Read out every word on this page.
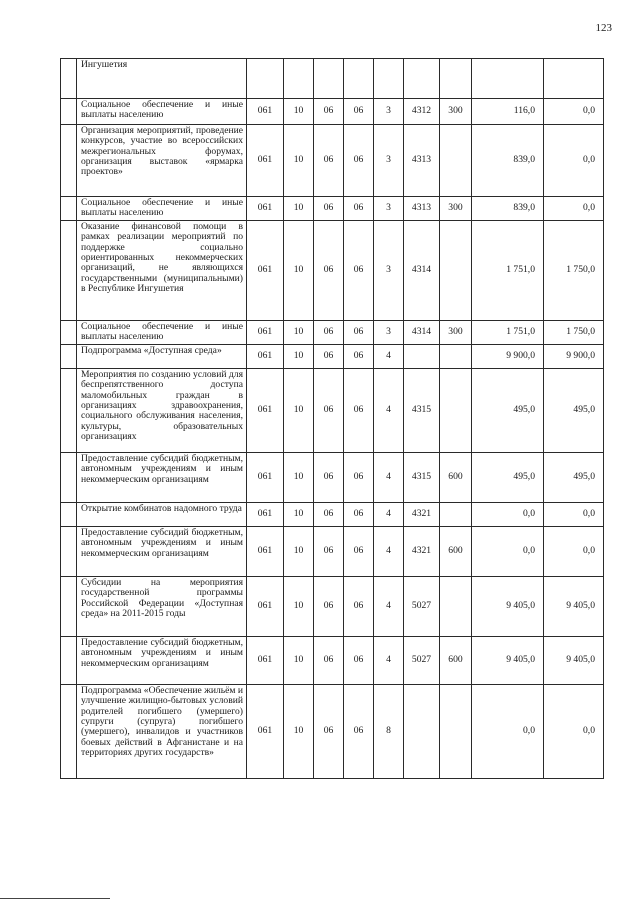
123
	Ингушетия									
	Социальное обеспечение и иные выплаты населению	061	10	06	06	3	4312	300	116,0	0,0
	Организация мероприятий, проведение конкурсов, участие во всероссийских межрегиональных форумах, организация выставок «ярмарка проектов»	061	10	06	06	3	4313		839,0	0,0
	Социальное обеспечение и иные выплаты населению	061	10	06	06	3	4313	300	839,0	0,0
	Оказание финансовой помощи в рамках реализации мероприятий по поддержке социально ориентированных некоммерческих организаций, не являющихся государственными (муниципальными) в Республике Ингушетия	061	10	06	06	3	4314		1 751,0	1 750,0
	Социальное обеспечение и иные выплаты населению	061	10	06	06	3	4314	300	1 751,0	1 750,0
	Подпрограмма «Доступная среда»	061	10	06	06	4			9 900,0	9 900,0
	Мероприятия по созданию условий для беспрепятственного доступа маломобильных граждан в организациях здравоохранения, социального обслуживания населения, культуры, образовательных организациях	061	10	06	06	4	4315		495,0	495,0
	Предоставление субсидий бюджетным, автономным учреждениям и иным некоммерческим организациям	061	10	06	06	4	4315	600	495,0	495,0
	Открытие комбинатов надомного труда	061	10	06	06	4	4321		0,0	0,0
	Предоставление субсидий бюджетным, автономным учреждениям и иным некоммерческим организациям	061	10	06	06	4	4321	600	0,0	0,0
	Субсидии на мероприятия государственной программы Российской Федерации «Доступная среда» на 2011-2015 годы	061	10	06	06	4	5027		9 405,0	9 405,0
	Предоставление субсидий бюджетным, автономным учреждениям и иным некоммерческим организациям	061	10	06	06	4	5027	600	9 405,0	9 405,0
	Подпрограмма «Обеспечение жильём и улучшение жилищно-бытовых условий родителей погибшего (умершего) супруги (супруга) погибшего (умершего), инвалидов и участников боевых действий в Афганистане и на территориях других государств»	061	10	06	06	8			0,0	0,0
